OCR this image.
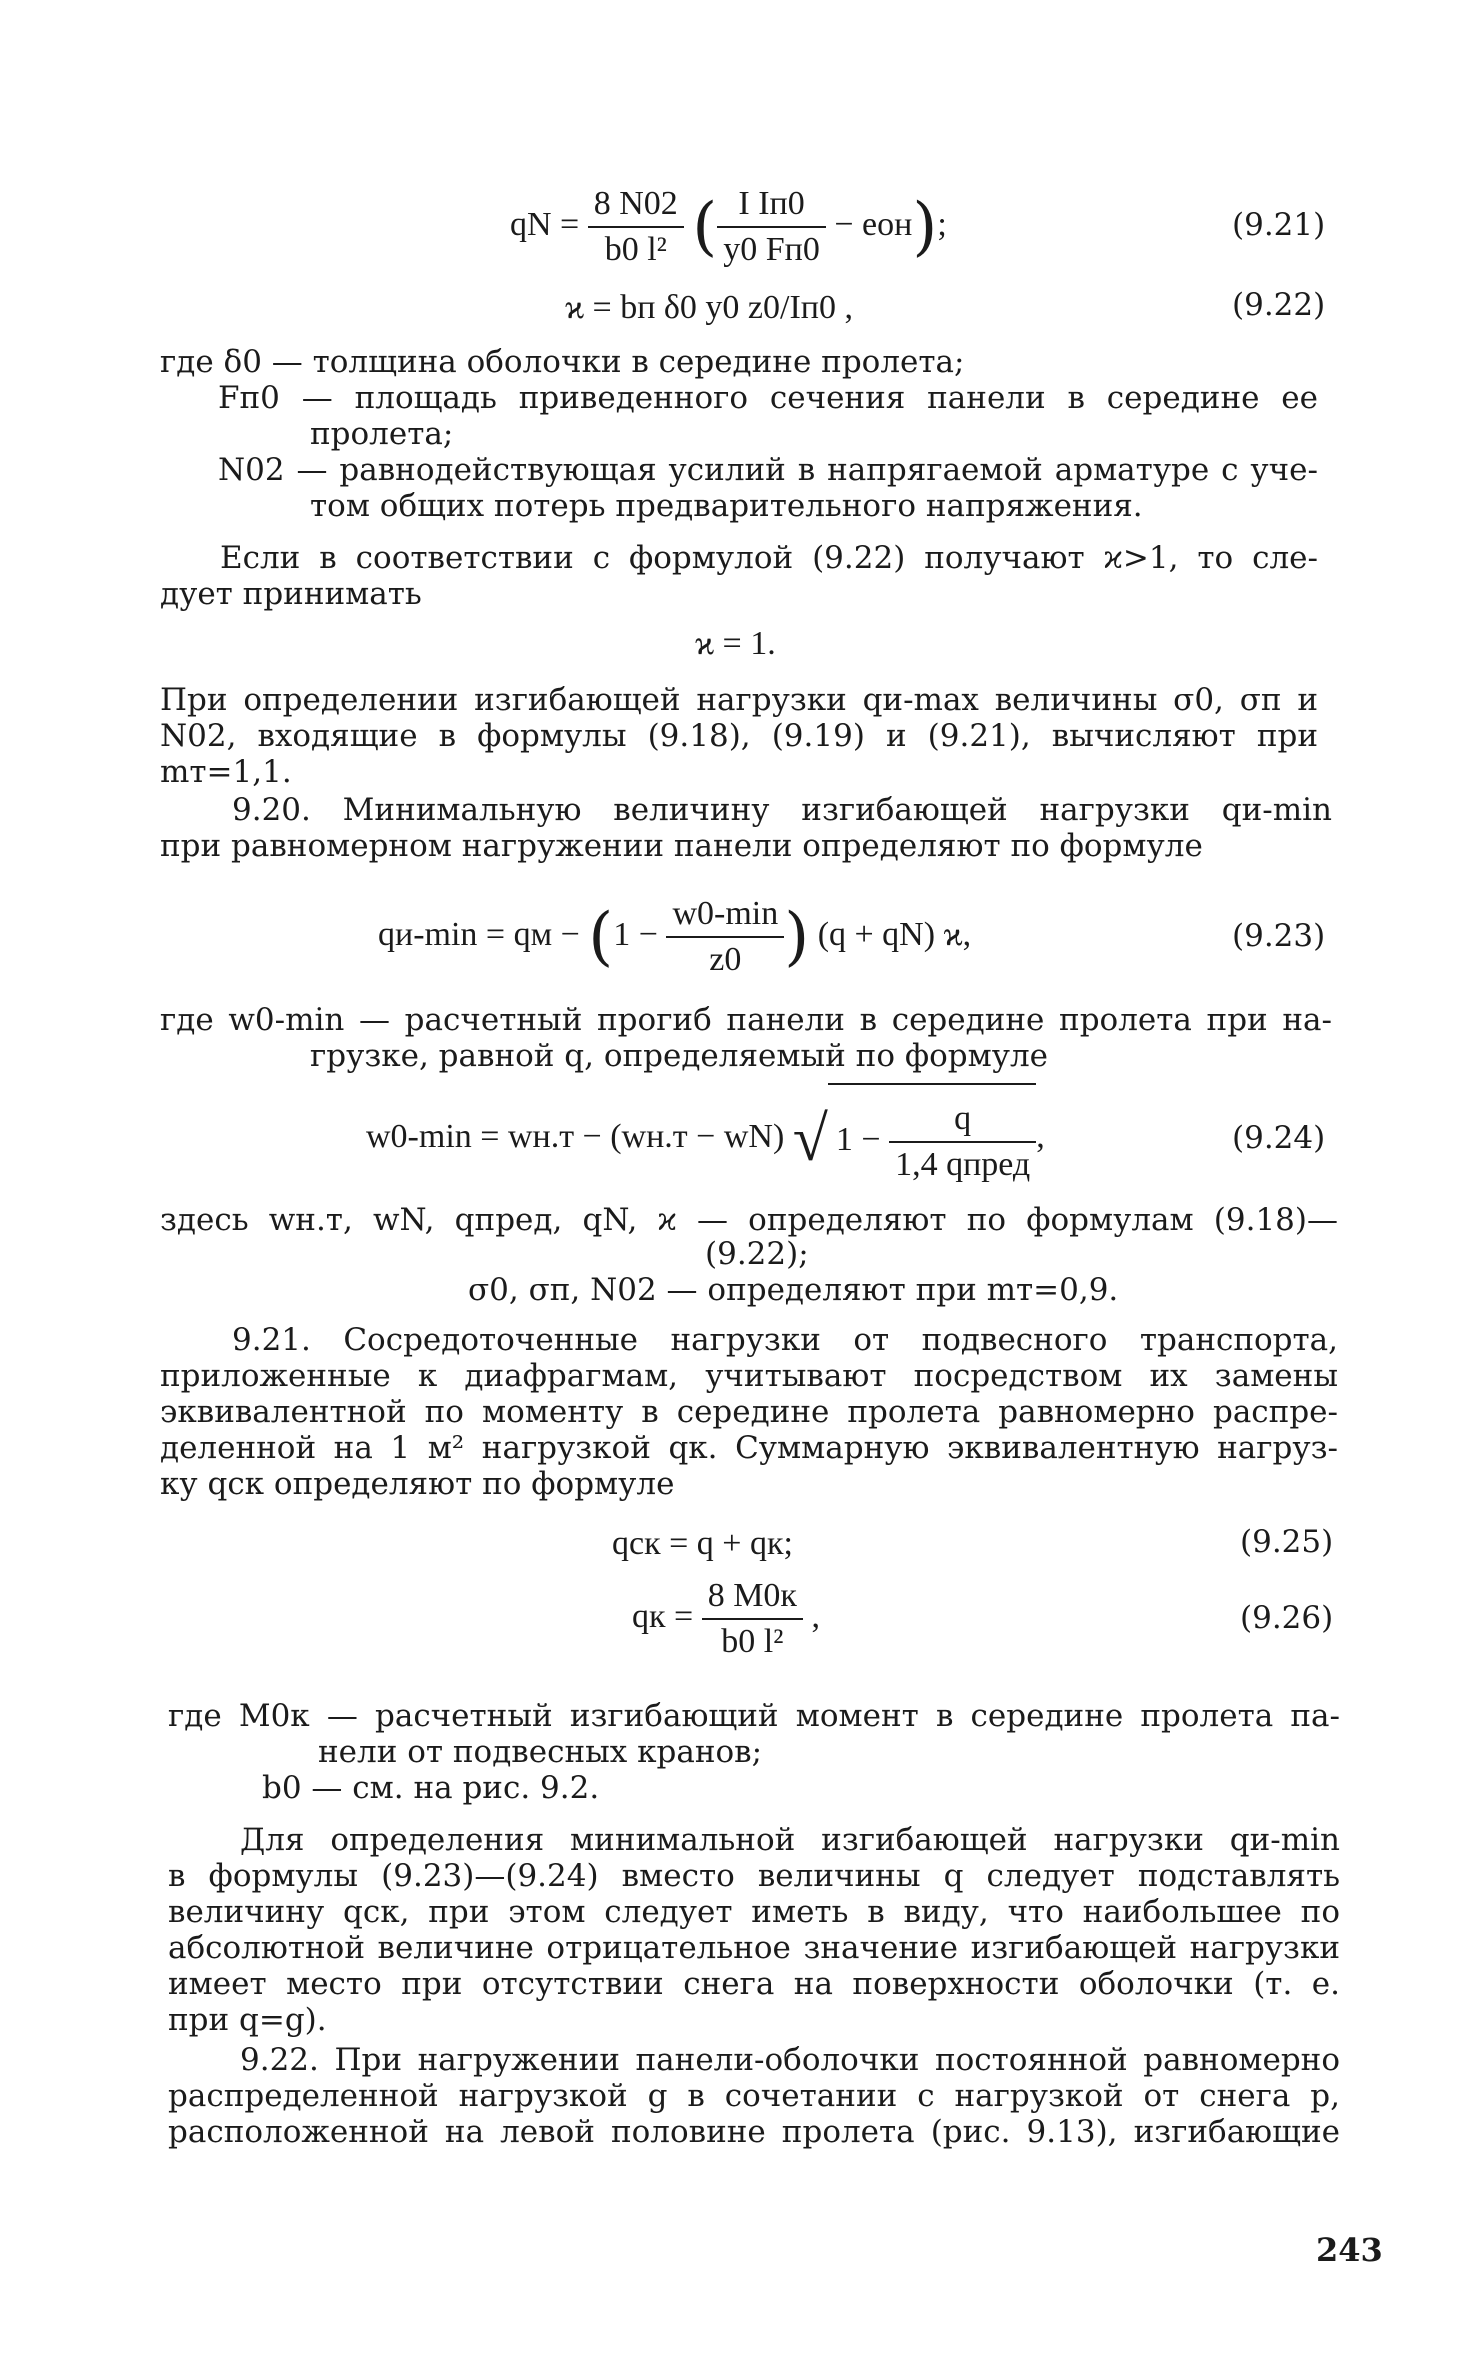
qN = $\frac{8 N02}{\text{b0 l²}}$ ( $\frac{\text{I Iп0}}{y0 Fп0} - eон$);	(9.21)
ϰ = bп δ0 y0 z0/Iп0 ,	(9.22)
где δ0 — толщина оболочки в середине пролета;
Fп0 — площадь приведенного сечения панели в середине ее
пролета;
N02 — равнодействующая усилий в напрягаемой арматуре с уче-
том общих потерь предварительного напряжения.
Если в соответствии с формулой (9.22) получают ϰ>1, то сле-
дует принимать
ϰ = 1.
При определении изгибающей нагрузки qи-max величины σ0, σп и
N02, входящие в формулы (9.18), (9.19) и (9.21), вычисляют при
mт=1,1.
9.20. Минимальную величину изгибающей нагрузки qи-min
при равномерном нагружении панели определяют по формуле
qи-min = qм − ($1 - \frac{w0-\min}{z0}$ ) (q + qN) ϰ,	(9.23)
где w0-min — расчетный прогиб панели в середине пролета при на-
грузке, равной q, определяемый по формуле
w0-min = wн.т − (wн.т − wN) √ $1 - \frac{q}{\text{1,4 qпред}}$ ,	(9.24)
здесь wн.т, wN, qпред, qN, ϰ — определяют по формулам (9.18)—
(9.22);
σ0, σп, N02 — определяют при mт=0,9.
9.21. Сосредоточенные нагрузки от подвесного транспорта,
приложенные к диафрагмам, учитывают посредством их замены
эквивалентной по моменту в середине пролета равномерно распре-
деленной на 1 м² нагрузкой qк. Суммарную эквивалентную нагруз-
ку qск определяют по формуле
qск = q + qк;	(9.25)
qк = $\frac{8 M0к}{\text{b0 l²}}$ ,	(9.26)
где M0к — расчетный изгибающий момент в середине пролета па-
нели от подвесных кранов;
b0 — см. на рис. 9.2.
Для определения минимальной изгибающей нагрузки qи-min
в формулы (9.23)—(9.24) вместо величины q следует подставлять
величину qск, при этом следует иметь в виду, что наибольшее по
абсолютной величине отрицательное значение изгибающей нагрузки
имеет место при отсутствии снега на поверхности оболочки (т. е.
при q=g).
9.22. При нагружении панели-оболочки постоянной равномерно
распределенной нагрузкой g в сочетании с нагрузкой от снега p,
расположенной на левой половине пролета (рис. 9.13), изгибающие
243
